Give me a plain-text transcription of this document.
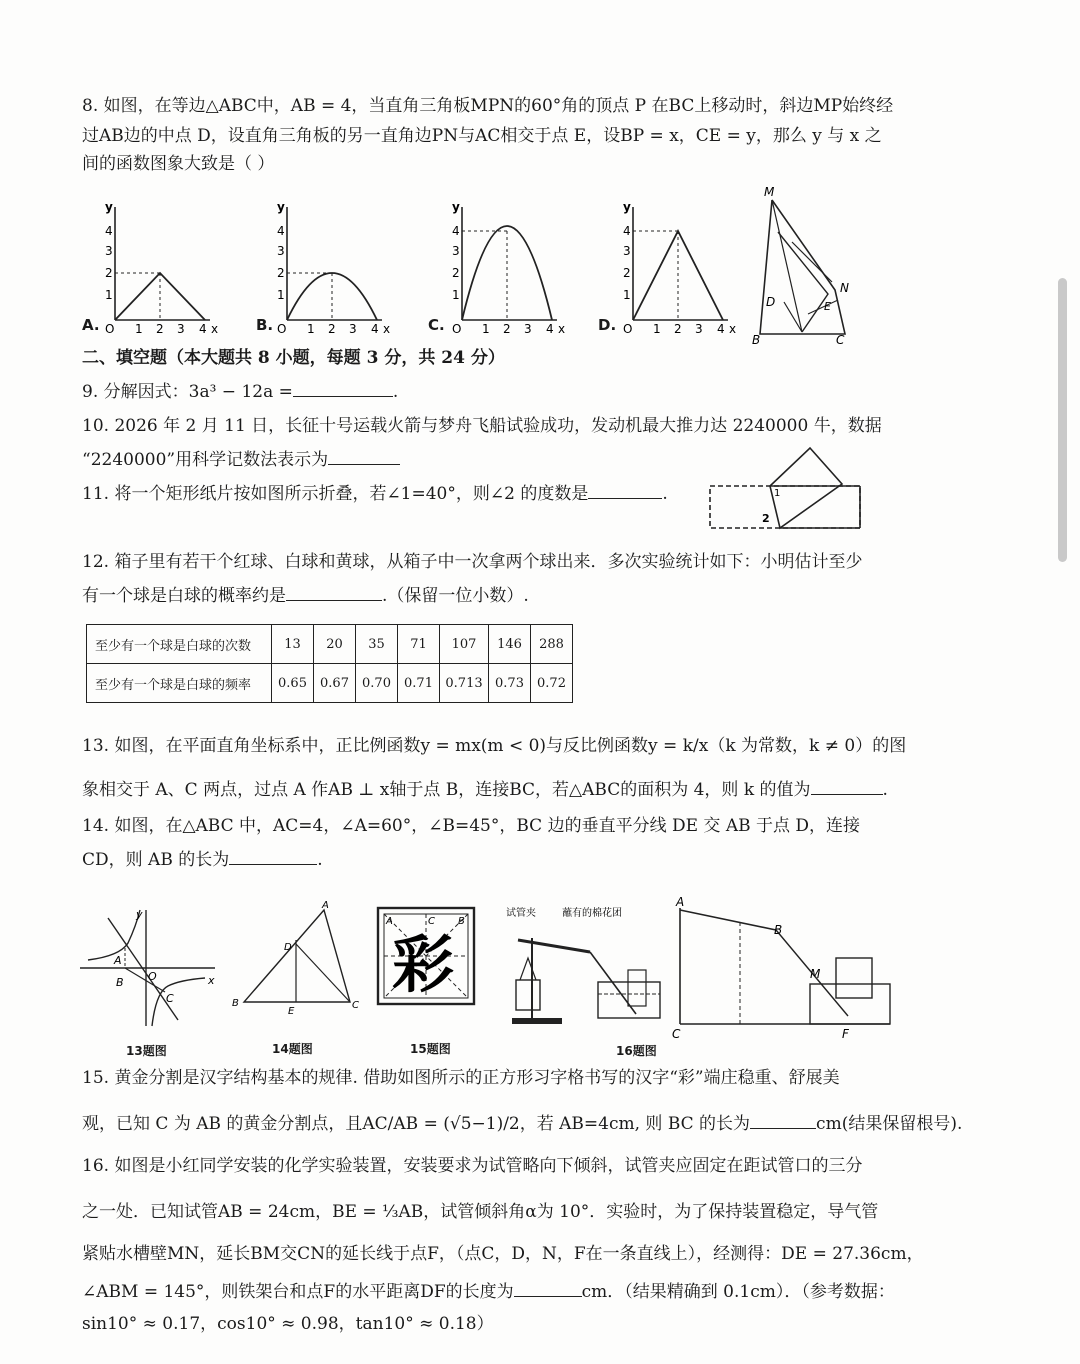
8. 如图，在等边△ABC中，AB = 4，当直角三角板MPN的60°角的顶点 P 在BC上移动时，斜边MP始终经
过AB边的中点 D，设直角三角板的另一直角边PN与AC相交于点 E，设BP = x，CE = y，那么 y 与 x 之
间的函数图象大致是（ ）
y
4
3
2
1
O 1 2 3 4 x
y
4
3
2
1
O 1 2 3 4 x
y
4
3
2
1
O 1 2 3 4 x
y
4
3
2
1
O 1 2 3 4 x
A.	B.	C.	D.
M
D
N
E
B	C
二、填空题（本大题共 8 小题，每题 3 分，共 24 分）
9. 分解因式：3a³ − 12a =	.
10. 2026 年 2 月 11 日，长征十号运载火箭与梦舟飞船试验成功，发动机最大推力达 2240000 牛，数据
“2240000”用科学记数法表示为
11. 将一个矩形纸片按如图所示折叠，若∠1=40°，则∠2 的度数是	.	1
2
12. 箱子里有若干个红球、白球和黄球，从箱子中一次拿两个球出来．多次实验统计如下：小明估计至少
有一个球是白球的概率约是	.（保留一位小数）.
至少有一个球是白球的次数	13	20	35	71	107	146	288
至少有一个球是白球的频率	0.65	0.67	0.70	0.71	0.713	0.73	0.72
13. 如图，在平面直角坐标系中，正比例函数y = mx(m < 0)与反比例函数y = k/x（k 为常数，k ≠ 0）的图
象相交于 A、C 两点，过点 A 作AB ⊥ x轴于点 B，连接BC，若△ABC的面积为 4，则 k 的值为	.
14. 如图，在△ABC 中，AC=4，∠A=60°，∠B=45°，BC 边的垂直平分线 DE 交 AB 于点 D，连接
CD，则 AB 的长为	.
y
A
O
B
C
x
A
D
B
E
C
彩
A	C B
试管夹	蘸有的棉花团
A
B
M
C	F
13题图	14题图	15题图	16题图
15. 黄金分割是汉字结构基本的规律. 借助如图所示的正方形习字格书写的汉字“彩”端庄稳重、舒展美
观，已知 C 为 AB 的黄金分割点，且AC/AB = (√5−1)/2，若 AB=4cm, 则 BC 的长为	cm(结果保留根号).
16. 如图是小红同学安装的化学实验装置，安装要求为试管略向下倾斜，试管夹应固定在距试管口的三分
之一处．已知试管AB = 24cm，BE = ⅓AB，试管倾斜角α为 10°．实验时，为了保持装置稳定，导气管
紧贴水槽壁MN，延长BM交CN的延长线于点F，（点C，D，N，F在一条直线上），经测得：DE = 27.36cm，
∠ABM = 145°，则铁架台和点F的水平距离DF的长度为	cm．（结果精确到 0.1cm）．（参考数据：
sin10° ≈ 0.17，cos10° ≈ 0.98，tan10° ≈ 0.18）
